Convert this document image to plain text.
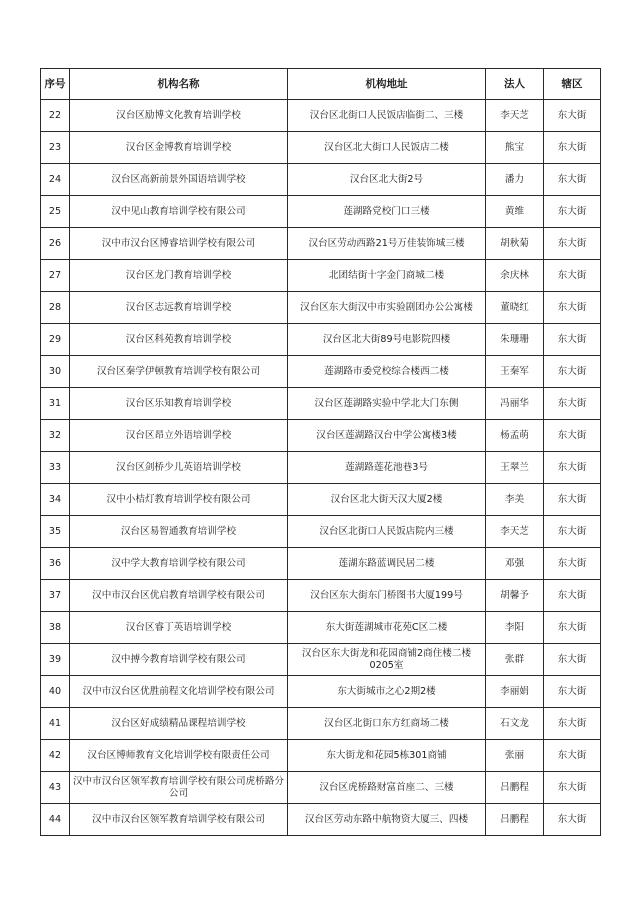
序号	机构名称	机构地址	法人	辖区
22	汉台区励博文化教育培训学校	汉台区北街口人民饭店临街二、三楼	李天芝	东大街
23	汉台区金博教育培训学校	汉台区北大街口人民饭店二楼	熊宝	东大街
24	汉台区高新前景外国语培训学校	汉台区北大街2号	潘力	东大街
25	汉中见山教育培训学校有限公司	莲湖路党校门口三楼	黄维	东大街
26	汉中市汉台区博睿培训学校有限公司	汉台区劳动西路21号万佳装饰城三楼	胡秋菊	东大街
27	汉台区龙门教育培训学校	北团结街十字金门商城二楼	余庆林	东大街
28	汉台区志远教育培训学校	汉台区东大街汉中市实验剧团办公公寓楼	董晓红	东大街
29	汉台区科苑教育培训学校	汉台区北大街89号电影院四楼	朱珊珊	东大街
30	汉台区秦学伊顿教育培训学校有限公司	莲湖路市委党校综合楼西二楼	王秦军	东大街
31	汉台区乐知教育培训学校	汉台区莲湖路实验中学北大门东侧	冯丽华	东大街
32	汉台区昂立外语培训学校	汉台区莲湖路汉台中学公寓楼3楼	杨孟萌	东大街
33	汉台区剑桥少儿英语培训学校	莲湖路莲花池巷3号	王翠兰	东大街
34	汉中小桔灯教育培训学校有限公司	汉台区北大街天汉大厦2楼	李美	东大街
35	汉台区易智通教育培训学校	汉台区北街口人民饭店院内三楼	李天芝	东大街
36	汉中学大教育培训学校有限公司	莲湖东路蓝调民居二楼	邓强	东大街
37	汉中市汉台区优启教育培训学校有限公司	汉台区东大街东门桥图书大厦199号	胡馨予	东大街
38	汉台区睿丁英语培训学校	东大街莲湖城市花苑C区二楼	李阳	东大街
39	汉中搏今教育培训学校有限公司	汉台区东大街龙和花园商铺2商住楼二楼0205室	张群	东大街
40	汉中市汉台区优胜前程文化培训学校有限公司	东大街城市之心2期2楼	李丽娟	东大街
41	汉台区好成绩精品课程培训学校	汉台区北街口东方红商场二楼	石文龙	东大街
42	汉台区博师教育文化培训学校有限责任公司	东大街龙和花园5栋301商铺	张丽	东大街
43	汉中市汉台区领军教育培训学校有限公司虎桥路分公司	汉台区虎桥路财富首座二、三楼	吕鹏程	东大街
44	汉中市汉台区领军教育培训学校有限公司	汉台区劳动东路中航物资大厦三、四楼	吕鹏程	东大街
